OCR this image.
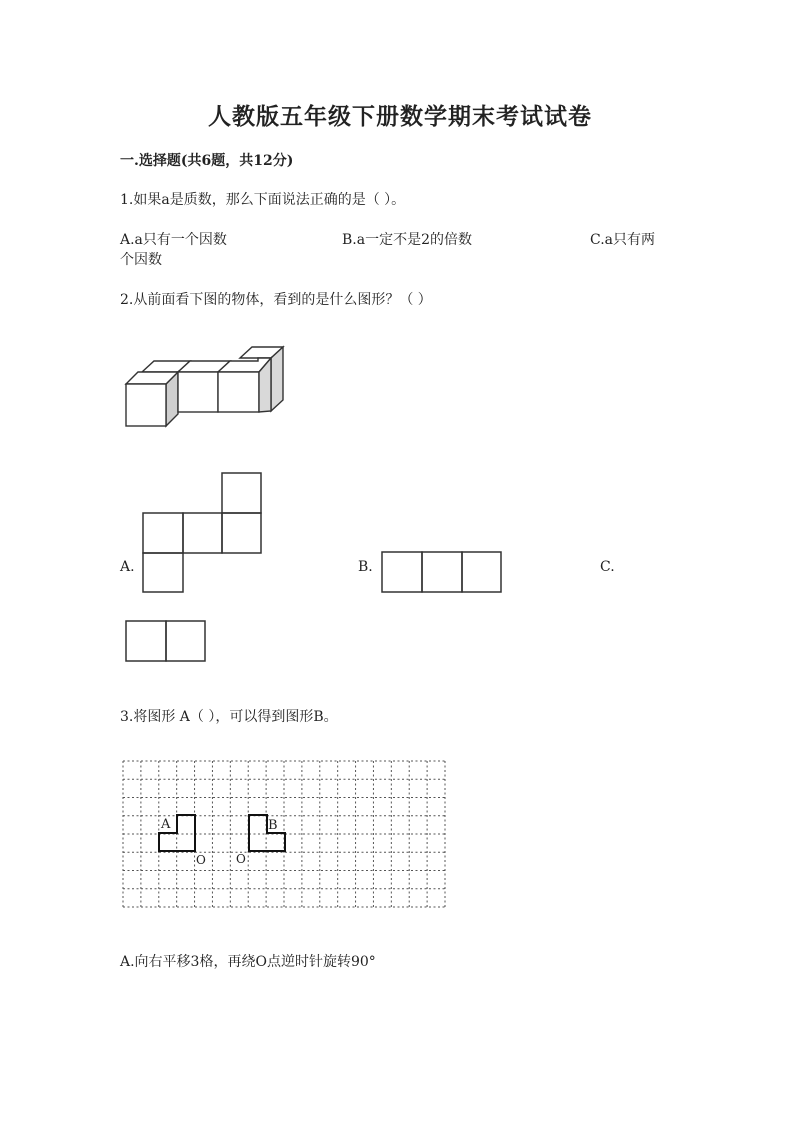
人教版五年级下册数学期末考试试卷
一.选择题(共6题，共12分)
1.如果a是质数，那么下面说法正确的是（ ）。
A.a只有一个因数	B.a一定不是2的倍数	C.a只有两
个因数
2.从前面看下图的物体，看到的是什么图形？（ ）
A.	B.	C.
3.将图形 A（ ），可以得到图形B。
A	B
O	O
A.向右平移3格，再绕O点逆时针旋转90°
